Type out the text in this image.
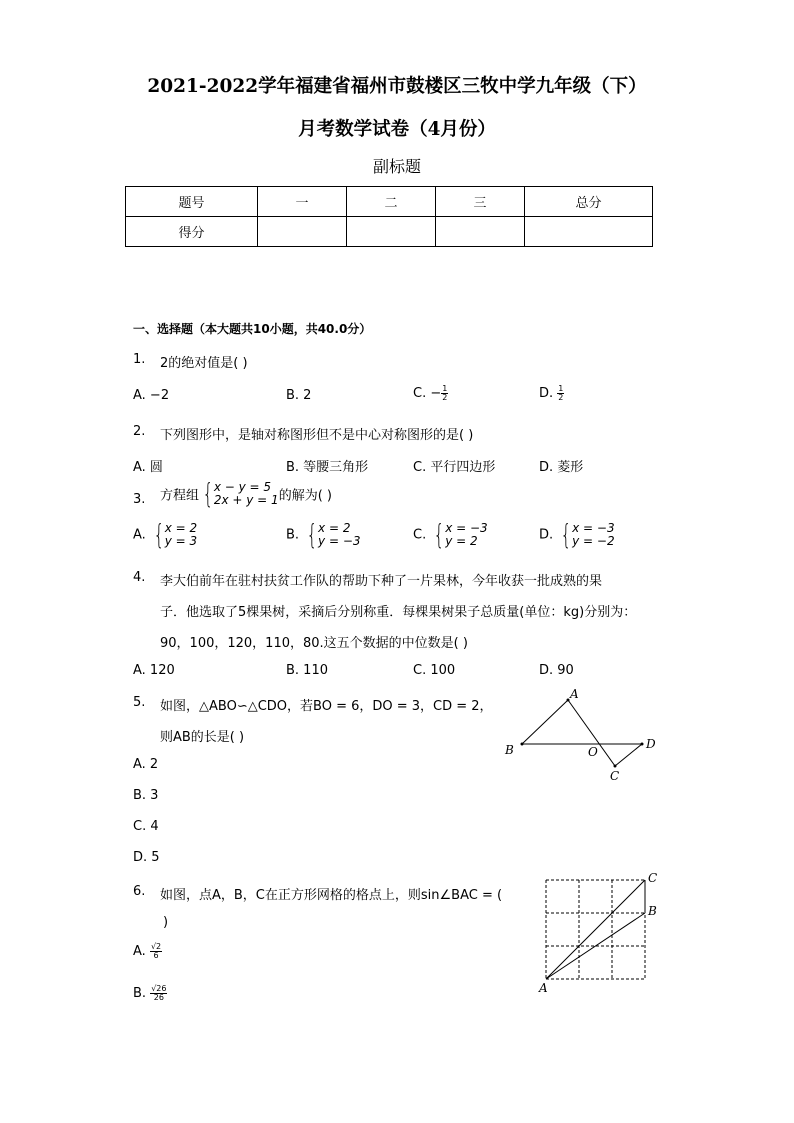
2021-2022学年福建省福州市鼓楼区三牧中学九年级（下）
月考数学试卷（4月份）
副标题
题号	一	二	三	总分
得分				
一、选择题（本大题共10小题，共40.0分）
1. 2的绝对值是( )
A. −2	B. 2	C. − $\frac{1}{2}$	D. $\frac{1}{2}$
2. 下列图形中，是轴对称图形但不是中心对称图形的是( )
A. 圆	B. 等腰三角形	C. 平行四边形	D. 菱形
3. 方程组 { x − y = 5
2x + y = 1 的解为( )
A. { x = 2
y = 3	B. { x = 2
y = −3	C. { x = −3
y = 2	D. { x = −3
y = −2
4. 李大伯前年在驻村扶贫工作队的帮助下种了一片果林，今年收获一批成熟的果
子．他选取了5棵果树，采摘后分别称重．每棵果树果子总质量(单位：kg)分别为：
90，100，120，110，80.这五个数据的中位数是( )
A. 120	B. 110	C. 100	D. 90
5. 如图，△ABO∽△CDO，若BO = 6，DO = 3，CD = 2，
则AB的长是( )
A. 2
B. 3
C. 4
D. 5
A
B	O
D
C
6. 如图，点A，B，C在正方形网格的格点上，则sin∠BAC = (
)
A. $\frac{√2}{6}$
B. $\frac{√26}{26}$
C
B
A
